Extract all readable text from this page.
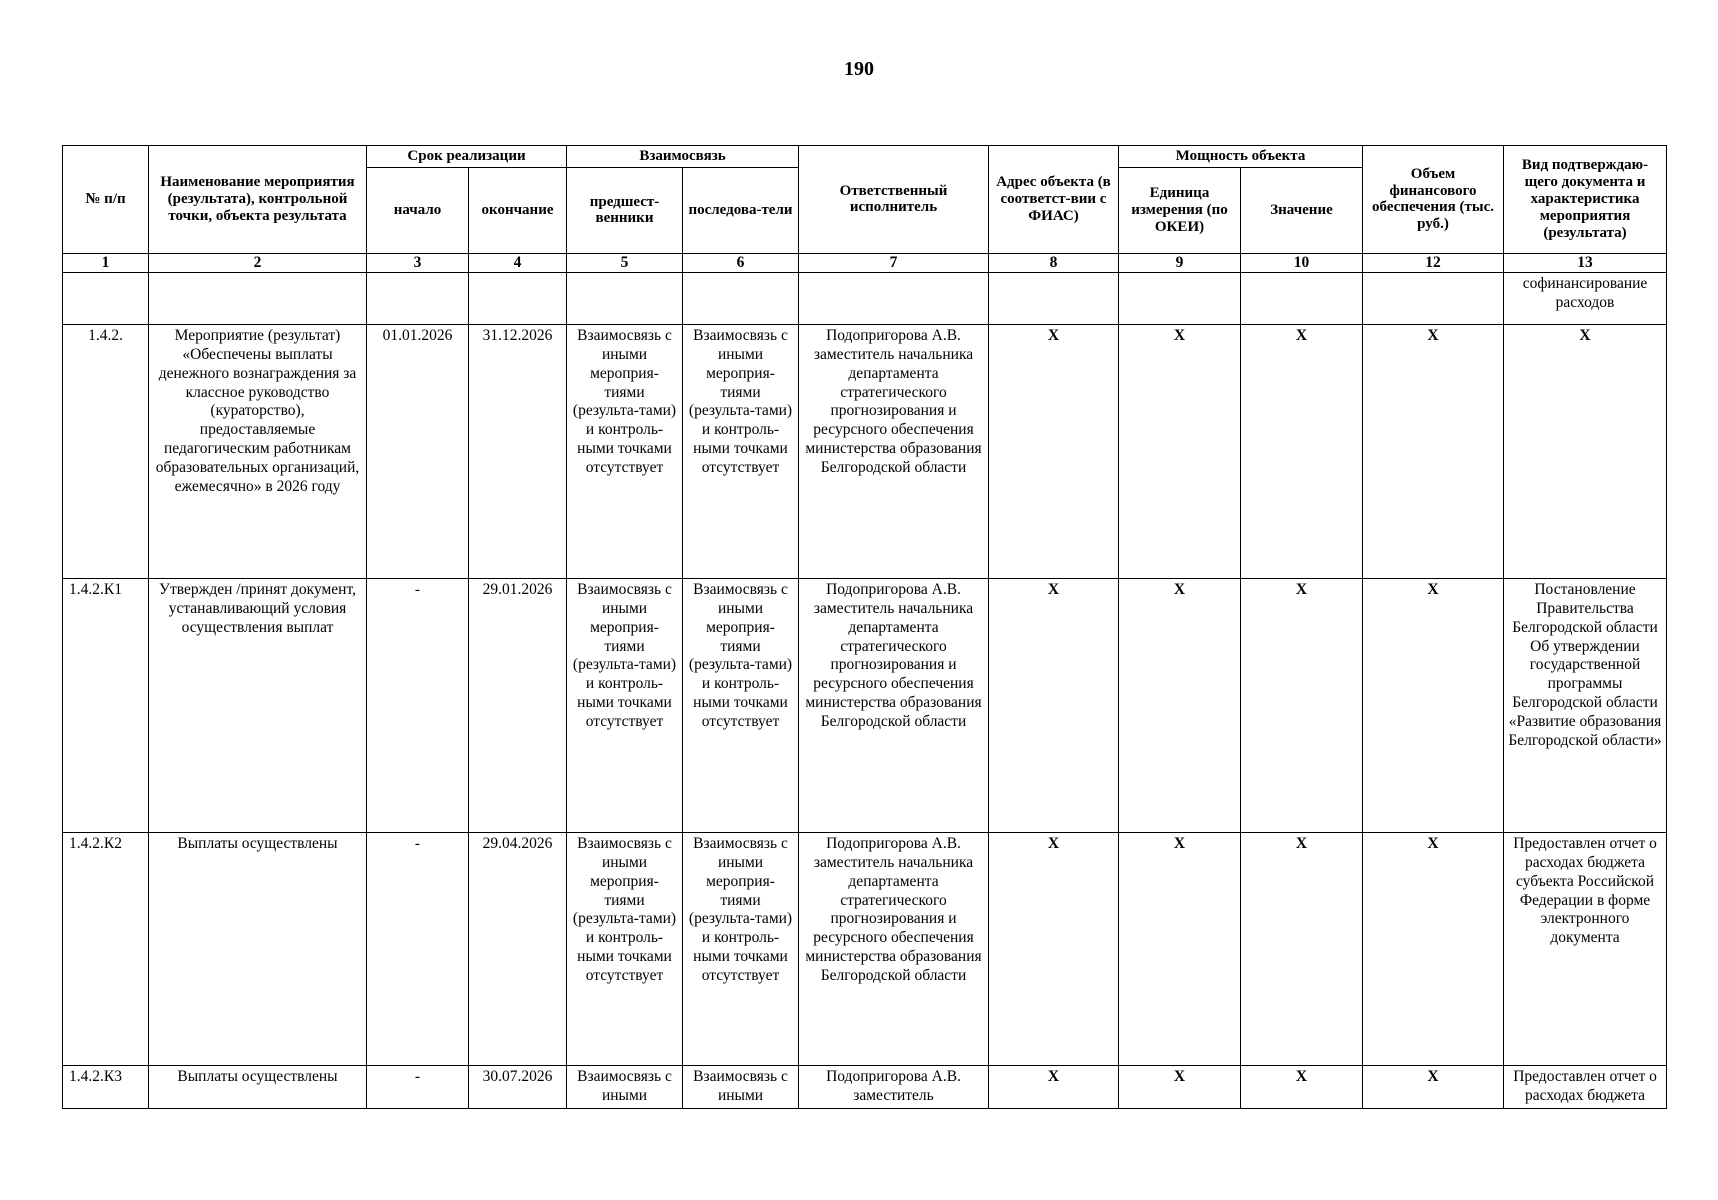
190
№ п/п	Наименование мероприятия (результата), контрольной точки, объекта результата	Срок реализации		Взаимосвязь		Ответственный исполнитель	Адрес объекта (в соответст-вии с ФИАС)	Мощность объекта		Объем финансового обеспечения (тыс. руб.)	Вид подтверждаю-щего документа и характеристика мероприятия (результата)
		начало	окончание	предшест-венники	последова-тели			Единица измерения (по ОКЕИ)	Значение		
1	2	3	4	5	6	7	8	9	10	12	13
											софинансирование расходов
1.4.2.	Мероприятие (результат) «Обеспечены выплаты денежного вознаграждения за классное руководство (кураторство), предоставляемые педагогическим работникам образовательных организаций, ежемесячно» в 2026 году	01.01.2026	31.12.2026	Взаимосвязь с иными мероприя-тиями (результа-тами) и контроль-ными точками отсутствует	Взаимосвязь с иными мероприя-тиями (результа-тами) и контроль-ными точками отсутствует	Подопригорова А.В. заместитель начальника департамента стратегического прогнозирования и ресурсного обеспечения министерства образования Белгородской области	X	X	X	X	X
1.4.2.К1	Утвержден /принят документ, устанавливающий условия осуществления выплат	-	29.01.2026	Взаимосвязь с иными мероприя-тиями (результа-тами) и контроль-ными точками отсутствует	Взаимосвязь с иными мероприя-тиями (результа-тами) и контроль-ными точками отсутствует	Подопригорова А.В. заместитель начальника департамента стратегического прогнозирования и ресурсного обеспечения министерства образования Белгородской области	X	X	X	X	Постановление Правительства Белгородской области Об утверждении государственной программы Белгородской области «Развитие образования Белгородской области»
1.4.2.К2	Выплаты осуществлены	-	29.04.2026	Взаимосвязь с иными мероприя-тиями (результа-тами) и контроль-ными точками отсутствует	Взаимосвязь с иными мероприя-тиями (результа-тами) и контроль-ными точками отсутствует	Подопригорова А.В. заместитель начальника департамента стратегического прогнозирования и ресурсного обеспечения министерства образования Белгородской области	X	X	X	X	Предоставлен отчет о расходах бюджета субъекта Российской Федерации в форме электронного документа
1.4.2.К3	Выплаты осуществлены	-	30.07.2026	Взаимосвязь с иными	Взаимосвязь с иными	Подопригорова А.В. заместитель	X	X	X	X	Предоставлен отчет о расходах бюджета
